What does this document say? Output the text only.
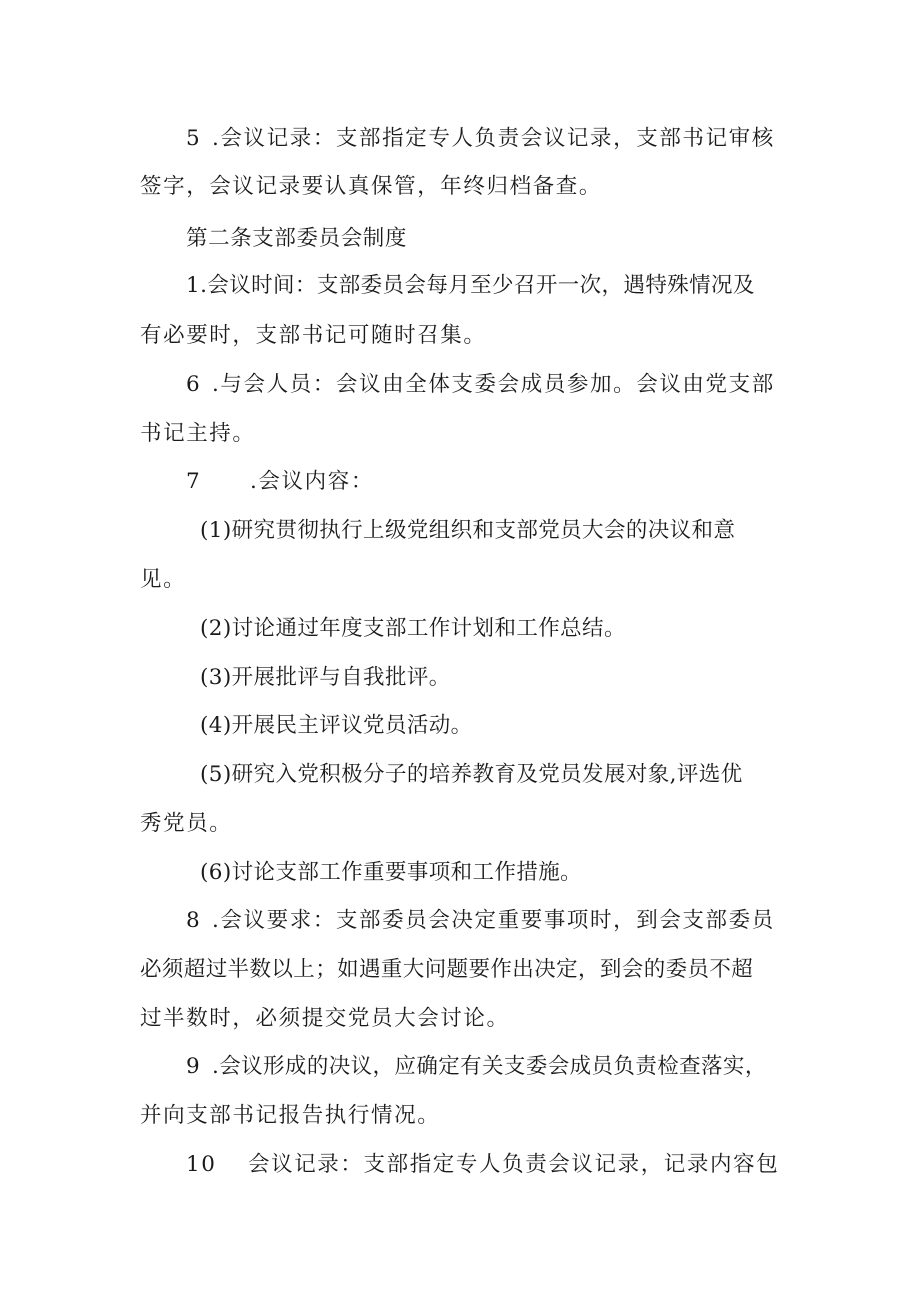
5 .会议记录：支部指定专人负责会议记录，支部书记审核
签字，会议记录要认真保管，年终归档备查。
第二条支部委员会制度
1.会议时间：支部委员会每月至少召开一次，遇特殊情况及
有必要时，支部书记可随时召集。
6 .与会人员：会议由全体支委会成员参加。会议由党支部
书记主持。
7 .会议内容：
(1)研究贯彻执行上级党组织和支部党员大会的决议和意
见。
(2)讨论通过年度支部工作计划和工作总结。
(3)开展批评与自我批评。
(4)开展民主评议党员活动。
(5)研究入党积极分子的培养教育及党员发展对象,评选优
秀党员。
(6)讨论支部工作重要事项和工作措施。
8 .会议要求：支部委员会决定重要事项时，到会支部委员
必须超过半数以上；如遇重大问题要作出决定，到会的委员不超
过半数时，必须提交党员大会讨论。
9 .会议形成的决议，应确定有关支委会成员负责检查落实，
并向支部书记报告执行情况。
10 会议记录：支部指定专人负责会议记录，记录内容包
